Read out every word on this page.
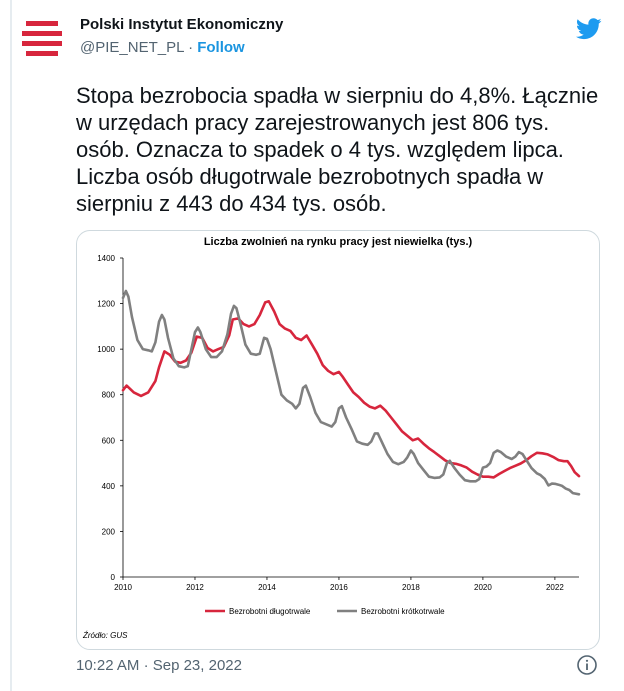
Polski Instytut Ekonomiczny
@PIE_NET_PL · Follow
Stopa bezrobocia spadła w sierpniu do 4,8%. Łącznie w urzędach pracy zarejestrowanych jest 806 tys. osób. Oznacza to spadek o 4 tys. względem lipca. Liczba osób długotrwale bezrobotnych spadła w sierpniu z 443 do 434 tys. osób.
Liczba zwolnień na rynku pracy jest niewielka (tys.)
0
200
400
600
800
1000
1200
1400
2010	2012	2014	2016	2018	2020	2022
Bezrobotni długotrwale	Bezrobotni krótkotrwale
Źródło: GUS
10:22 AM · Sep 23, 2022
